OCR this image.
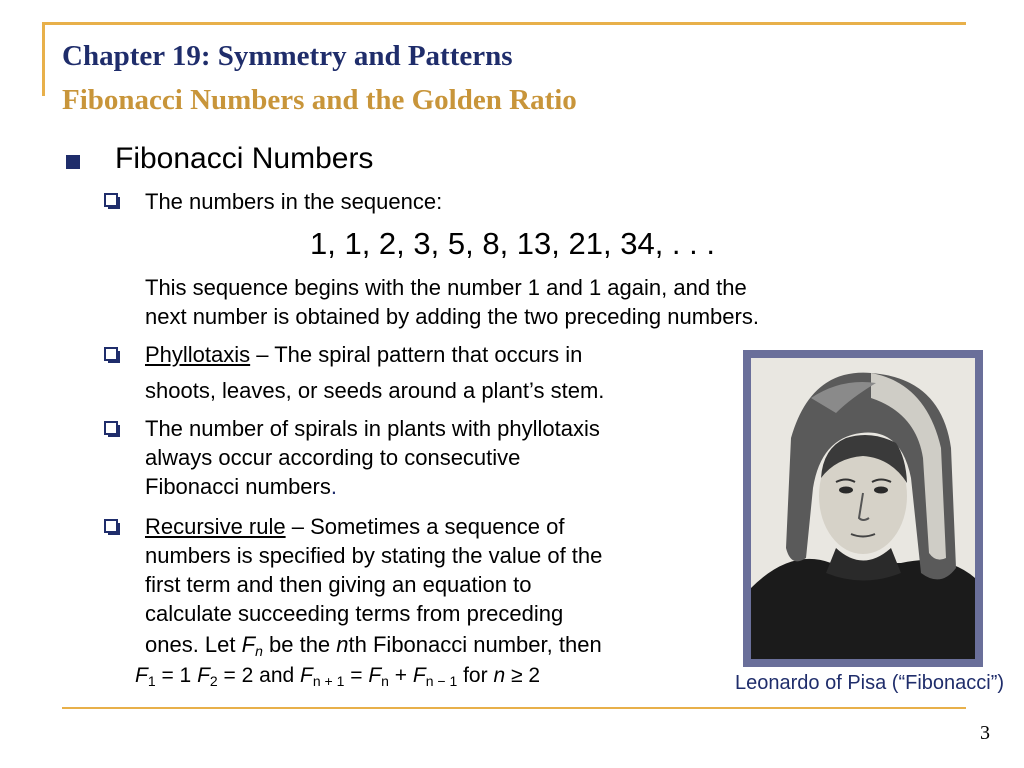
Chapter 19: Symmetry and Patterns
Fibonacci Numbers and the Golden Ratio
Fibonacci Numbers
The numbers in the sequence:
1, 1, 2, 3, 5, 8, 13, 21, 34, . . .
This sequence begins with the number 1 and 1 again, and the
next number is obtained by adding the two preceding numbers.
Phyllotaxis – The spiral pattern that occurs in
shoots, leaves, or seeds around a plant’s stem.
The number of spirals in plants with phyllotaxis
always occur according to consecutive
Fibonacci numbers.
Recursive rule – Sometimes a sequence of
numbers is specified by stating the value of the
first term and then giving an equation to
calculate succeeding terms from preceding
ones. Let $F_n$ be the nth Fibonacci number, then
$F_1 = 1$ $F_2 = 2$ and $F_{n + 1} = F_n + F_{n - 1}$ for n ≥ 2	Leonardo of Pisa (“Fibonacci”)
3
